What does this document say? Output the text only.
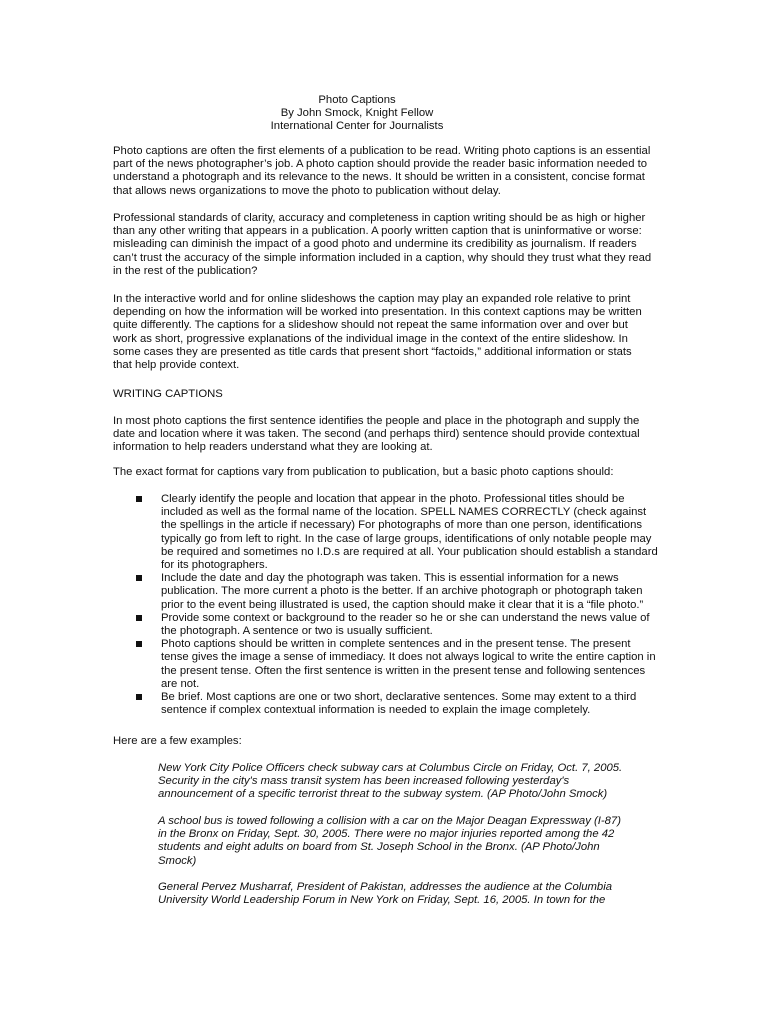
Photo Captions
By John Smock, Knight Fellow
International Center for Journalists

Photo captions are often the first elements of a publication to be read. Writing photo captions is an essential part of the news photographer’s job. A photo caption should provide the reader basic information needed to understand a photograph and its relevance to the news. It should be written in a consistent, concise format that allows news organizations to move the photo to publication without delay.

Professional standards of clarity, accuracy and completeness in caption writing should be as high or higher than any other writing that appears in a publication. A poorly written caption that is uninformative or worse: misleading can diminish the impact of a good photo and undermine its credibility as journalism. If readers can’t trust the accuracy of the simple information included in a caption, why should they trust what they read in the rest of the publication?

In the interactive world and for online slideshows the caption may play an expanded role relative to print depending on how the information will be worked into presentation. In this context captions may be written quite differently. The captions for a slideshow should not repeat the same information over and over but work as short, progressive explanations of the individual image in the context of the entire slideshow. In some cases they are presented as title cards that present short “factoids,” additional information or stats that help provide context.

WRITING CAPTIONS

In most photo captions the first sentence identifies the people and place in the photograph and supply the date and location where it was taken. The second (and perhaps third) sentence should provide contextual information to help readers understand what they are looking at.

The exact format for captions vary from publication to publication, but a basic photo captions should:

Clearly identify the people and location that appear in the photo. Professional titles should be included as well as the formal name of the location. SPELL NAMES CORRECTLY (check against the spellings in the article if necessary) For photographs of more than one person, identifications typically go from left to right. In the case of large groups, identifications of only notable people may be required and sometimes no I.D.s are required at all. Your publication should establish a standard for its photographers.
Include the date and day the photograph was taken. This is essential information for a news publication. The more current a photo is the better. If an archive photograph or photograph taken prior to the event being illustrated is used, the caption should make it clear that it is a “file photo.”
Provide some context or background to the reader so he or she can understand the news value of the photograph. A sentence or two is usually sufficient.
Photo captions should be written in complete sentences and in the present tense. The present tense gives the image a sense of immediacy. It does not always logical to write the entire caption in the present tense. Often the first sentence is written in the present tense and following sentences are not.
Be brief. Most captions are one or two short, declarative sentences. Some may extent to a third sentence if complex contextual information is needed to explain the image completely.

Here are a few examples:

New York City Police Officers check subway cars at Columbus Circle on Friday, Oct. 7, 2005. Security in the city's mass transit system has been increased following yesterday's announcement of a specific terrorist threat to the subway system. (AP Photo/John Smock)

A school bus is towed following a collision with a car on the Major Deagan Expressway (I-87) in the Bronx on Friday, Sept. 30, 2005. There were no major injuries reported among the 42 students and eight adults on board from St. Joseph School in the Bronx. (AP Photo/John Smock)

General Pervez Musharraf, President of Pakistan, addresses the audience at the Columbia University World Leadership Forum in New York on Friday, Sept. 16, 2005. In town for the
